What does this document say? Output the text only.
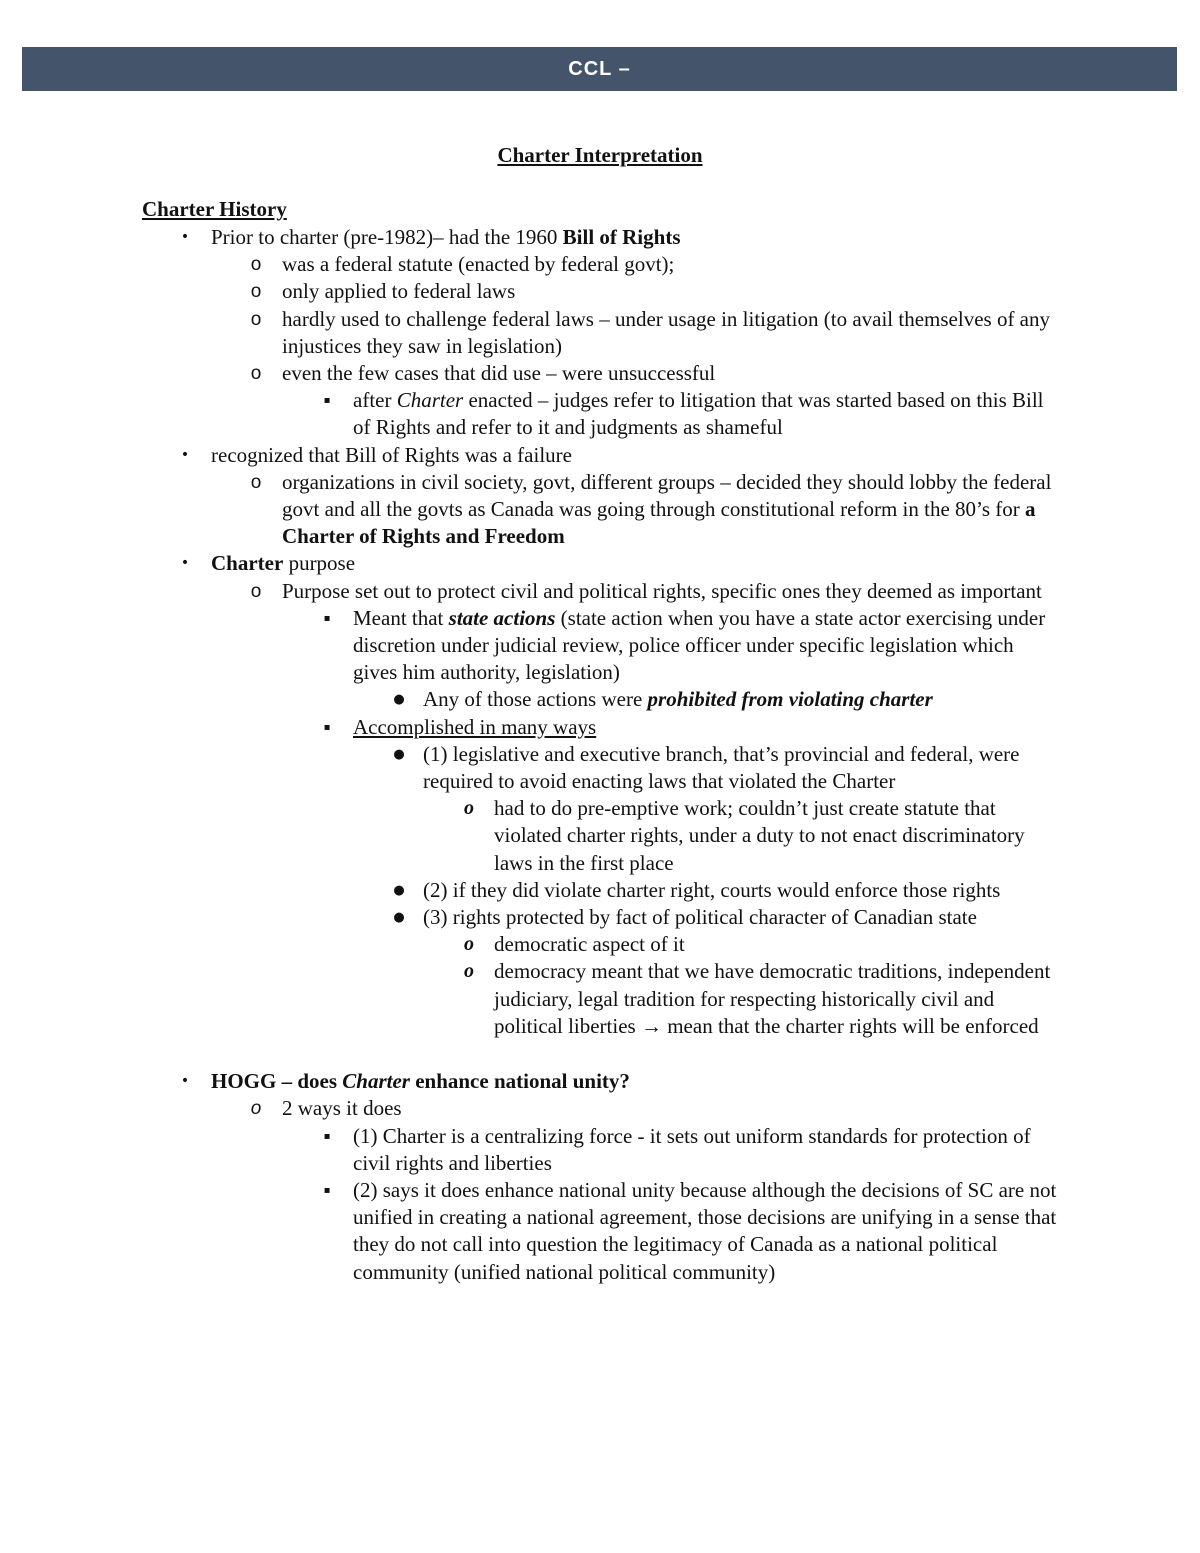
CCL –
Charter Interpretation
Charter History
• Prior to charter (pre-1982)– had the 1960 Bill of Rights
o was a federal statute (enacted by federal govt);
o only applied to federal laws
o hardly used to challenge federal laws – under usage in litigation (to avail themselves of any injustices they saw in legislation)
o even the few cases that did use – were unsuccessful
▪	after Charter enacted – judges refer to litigation that was started based on this Bill of Rights and refer to it and judgments as shameful
• recognized that Bill of Rights was a failure
o organizations in civil society, govt, different groups – decided they should lobby the federal govt and all the govts as Canada was going through constitutional reform in the 80’s for a Charter of Rights and Freedom
• Charter purpose
o Purpose set out to protect civil and political rights, specific ones they deemed as important
▪	Meant that state actions (state action when you have a state actor exercising under discretion under judicial review, police officer under specific legislation which gives him authority, legislation)
● Any of those actions were prohibited from violating charter
▪	Accomplished in many ways
● (1) legislative and executive branch, that’s provincial and federal, were required to avoid enacting laws that violated the Charter
o had to do pre-emptive work; couldn’t just create statute that violated charter rights, under a duty to not enact discriminatory laws in the first place
● (2) if they did violate charter right, courts would enforce those rights
● (3) rights protected by fact of political character of Canadian state
o democratic aspect of it
o democracy meant that we have democratic traditions, independent judiciary, legal tradition for respecting historically civil and political liberties → mean that the charter rights will be enforced
• HOGG – does Charter enhance national unity?
o 2 ways it does
▪	(1) Charter is a centralizing force - it sets out uniform standards for protection of civil rights and liberties
▪	(2) says it does enhance national unity because although the decisions of SC are not unified in creating a national agreement, those decisions are unifying in a sense that they do not call into question the legitimacy of Canada as a national political community (unified national political community)
